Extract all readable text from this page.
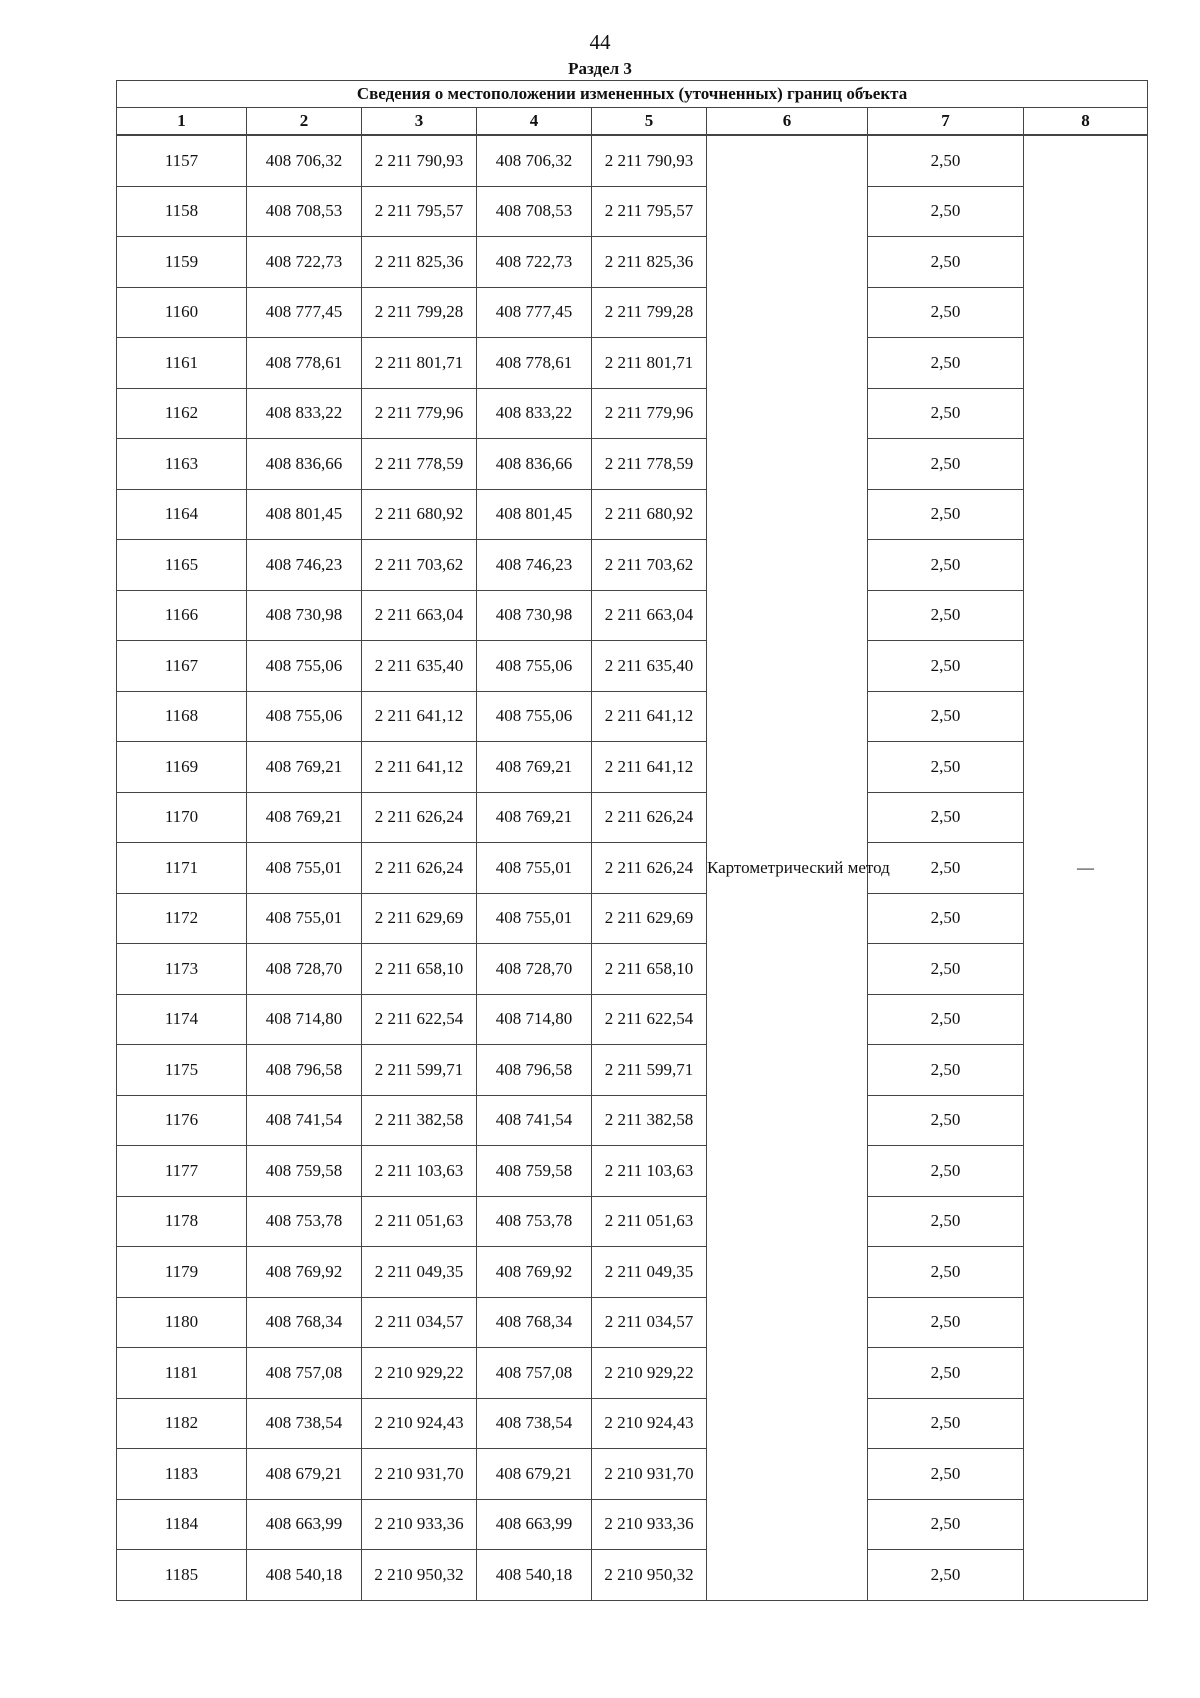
44
Раздел 3
Сведения о местоположении измененных (уточненных) границ объекта							
1	2	3	4	5	6	7	8
1157	408 706,32	2 211 790,93	408 706,32	2 211 790,93	Картометрический метод	2,50	—
1158	408 708,53	2 211 795,57	408 708,53	2 211 795,57		2,50	
1159	408 722,73	2 211 825,36	408 722,73	2 211 825,36		2,50	
1160	408 777,45	2 211 799,28	408 777,45	2 211 799,28		2,50	
1161	408 778,61	2 211 801,71	408 778,61	2 211 801,71		2,50	
1162	408 833,22	2 211 779,96	408 833,22	2 211 779,96		2,50	
1163	408 836,66	2 211 778,59	408 836,66	2 211 778,59		2,50	
1164	408 801,45	2 211 680,92	408 801,45	2 211 680,92		2,50	
1165	408 746,23	2 211 703,62	408 746,23	2 211 703,62		2,50	
1166	408 730,98	2 211 663,04	408 730,98	2 211 663,04		2,50	
1167	408 755,06	2 211 635,40	408 755,06	2 211 635,40		2,50	
1168	408 755,06	2 211 641,12	408 755,06	2 211 641,12		2,50	
1169	408 769,21	2 211 641,12	408 769,21	2 211 641,12		2,50	
1170	408 769,21	2 211 626,24	408 769,21	2 211 626,24		2,50	
1171	408 755,01	2 211 626,24	408 755,01	2 211 626,24		2,50	
1172	408 755,01	2 211 629,69	408 755,01	2 211 629,69		2,50	
1173	408 728,70	2 211 658,10	408 728,70	2 211 658,10		2,50	
1174	408 714,80	2 211 622,54	408 714,80	2 211 622,54		2,50	
1175	408 796,58	2 211 599,71	408 796,58	2 211 599,71		2,50	
1176	408 741,54	2 211 382,58	408 741,54	2 211 382,58		2,50	
1177	408 759,58	2 211 103,63	408 759,58	2 211 103,63		2,50	
1178	408 753,78	2 211 051,63	408 753,78	2 211 051,63		2,50	
1179	408 769,92	2 211 049,35	408 769,92	2 211 049,35		2,50	
1180	408 768,34	2 211 034,57	408 768,34	2 211 034,57		2,50	
1181	408 757,08	2 210 929,22	408 757,08	2 210 929,22		2,50	
1182	408 738,54	2 210 924,43	408 738,54	2 210 924,43		2,50	
1183	408 679,21	2 210 931,70	408 679,21	2 210 931,70		2,50	
1184	408 663,99	2 210 933,36	408 663,99	2 210 933,36		2,50	
1185	408 540,18	2 210 950,32	408 540,18	2 210 950,32		2,50	
